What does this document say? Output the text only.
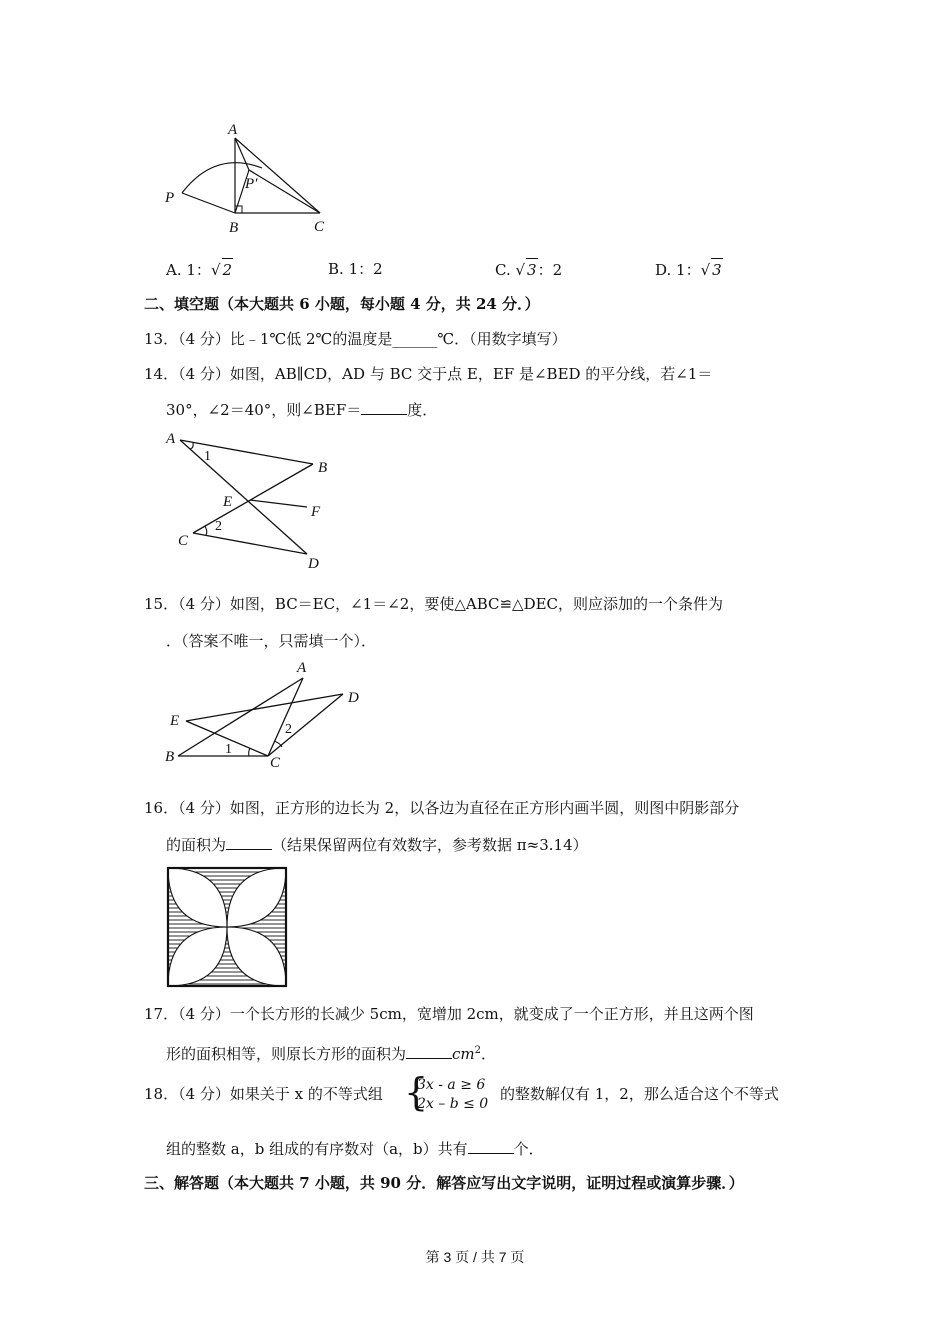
A
B	C
P
P′
A. 1：√ 2	B. 1：2	C. √ 3：2	D. 1：√ 3
二、填空题（本大题共 6 小题，每小题 4 分，共 24 分．）
13．（4 分）比﹣1℃低 2℃的温度是______℃．（用数字填写）
14．（4 分）如图，AB∥CD，AD 与 BC 交于点 E，EF 是∠BED 的平分线，若∠1＝
30°，∠2＝40°，则∠BEF＝	度．
A
B
C
D
E
F
1
2
15．（4 分）如图，BC＝EC，∠1＝∠2，要使△ABC≌△DEC，则应添加的一个条件为
．（答案不唯一，只需填一个）．
A
B	C
D
E
1
2
16．（4 分）如图，正方形的边长为 2，以各边为直径在正方形内画半圆，则图中阴影部分
的面积为	（结果保留两位有效数字，参考数据 π≈3.14）
17．（4 分）一个长方形的长减少 5cm，宽增加 2cm，就变成了一个正方形，并且这两个图
形的面积相等，则原长方形的面积为	$cm^2$．
18．（4 分）如果关于 x 的不等式组 {
3x - a ≥ 6
2x – b ≤ 0
的整数解仅有 1，2，那么适合这个不等式
组的整数 a，b 组成的有序数对（a，b）共有	个．
三、解答题（本大题共 7 小题，共 90 分．解答应写出文字说明，证明过程或演算步骤．）
第 3 页 / 共 7 页
